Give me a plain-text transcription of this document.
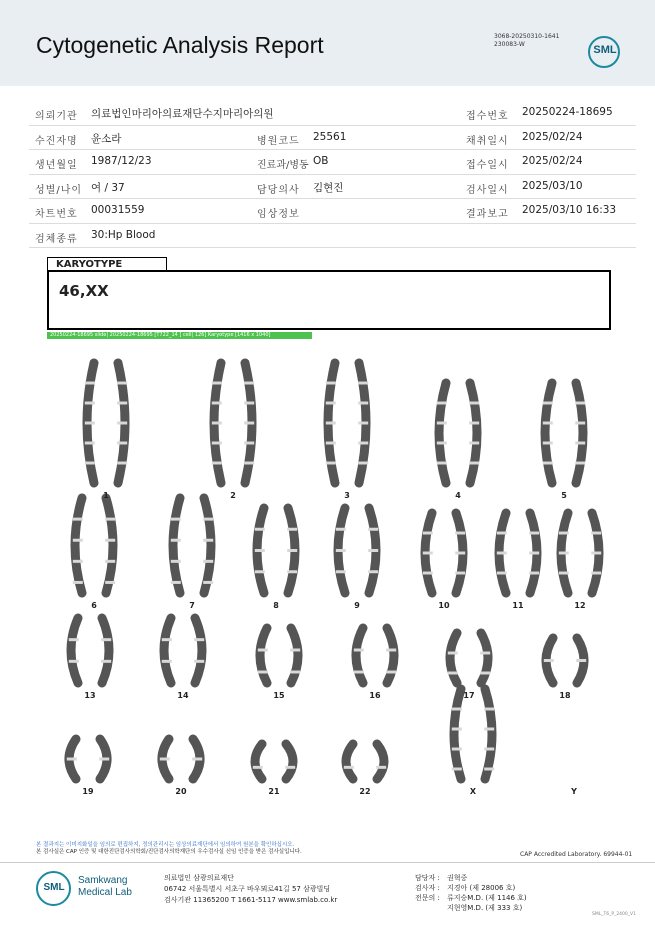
Cytogenetic Analysis Report	3068-20250310-1641
230083-W	SML
의뢰기관 의료법인마리아의료재단수지마리아의원	접수번호 20250224-18695
수진자명 윤소라	병원코드 25561	채취일시 2025/02/24
생년월일 1987/12/23	진료과/병동 OB	접수일시 2025/02/24
성별/나이 여 / 37	담당의사 김현진	검사일시 2025/03/10
차트번호 00031559	임상정보	결과보고 2025/03/10 16:33
검체종류 30:Hp Blood
KARYOTYPE
46,XX
20250224-18695 slide| 20250224-18695 [T722_14 ] cell| 126] Karyotype [1416 x 1040]
1	2	3	4	5
6	7	8	9	10	11	12
13	14	15	16	17	18
19	20	21	22	X	Y
본 결과지는 이미지화일을 임의로 편집하지, 정의관리시는 임상의료재단에서 임의하여 원본을 확인하십시오.
본 검사실은 CAP 인증 및 대한진단검사의학회/진단검사의학재단의 우수검사실 신임 인증을 받은 검사실입니다.	CAP Accredited Laboratory. 69944-01
SML
Samkwang
Medical Lab
의료법인 삼광의료재단
06742 서울특별시 서초구 바우뫼로41길 57 삼광빌딩
검사기관 11365200 T 1661-5117 www.smlab.co.kr
담당자 : 권혁중
검사자 : 지경아 (제 28006 호)
전문의 : 류지승M.D. (제 1146 호)
지현영M.D. (제 333 호)
SML_T6_P_2400_V1
